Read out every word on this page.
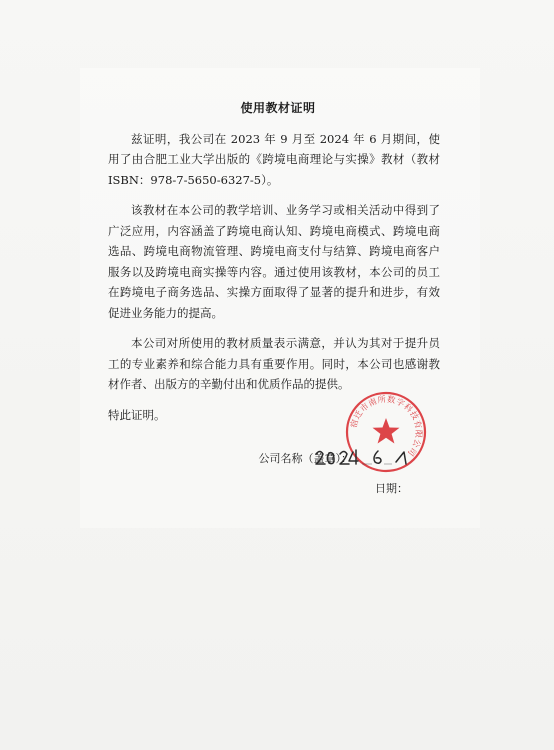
使用教材证明

兹证明，我公司在 2023 年 9 月至 2024 年 6 月期间，使用了由合肥工业大学出版的《跨境电商理论与实操》教材（教材 ISBN：978-7-5650-6327-5）。

该教材在本公司的教学培训、业务学习或相关活动中得到了广泛应用，内容涵盖了跨境电商认知、跨境电商模式、跨境电商选品、跨境电商物流管理、跨境电商支付与结算、跨境电商客户服务以及跨境电商实操等内容。通过使用该教材，本公司的员工在跨境电子商务选品、实操方面取得了显著的提升和进步，有效促进业务能力的提高。

本公司对所使用的教材质量表示满意，并认为其对于提升员工的专业素养和综合能力具有重要作用。同时，本公司也感谢教材作者、出版方的辛勤付出和优质作品的提供。

特此证明。

公司名称（盖章）：
日期：
宿迁市南所数字科技有限公司
